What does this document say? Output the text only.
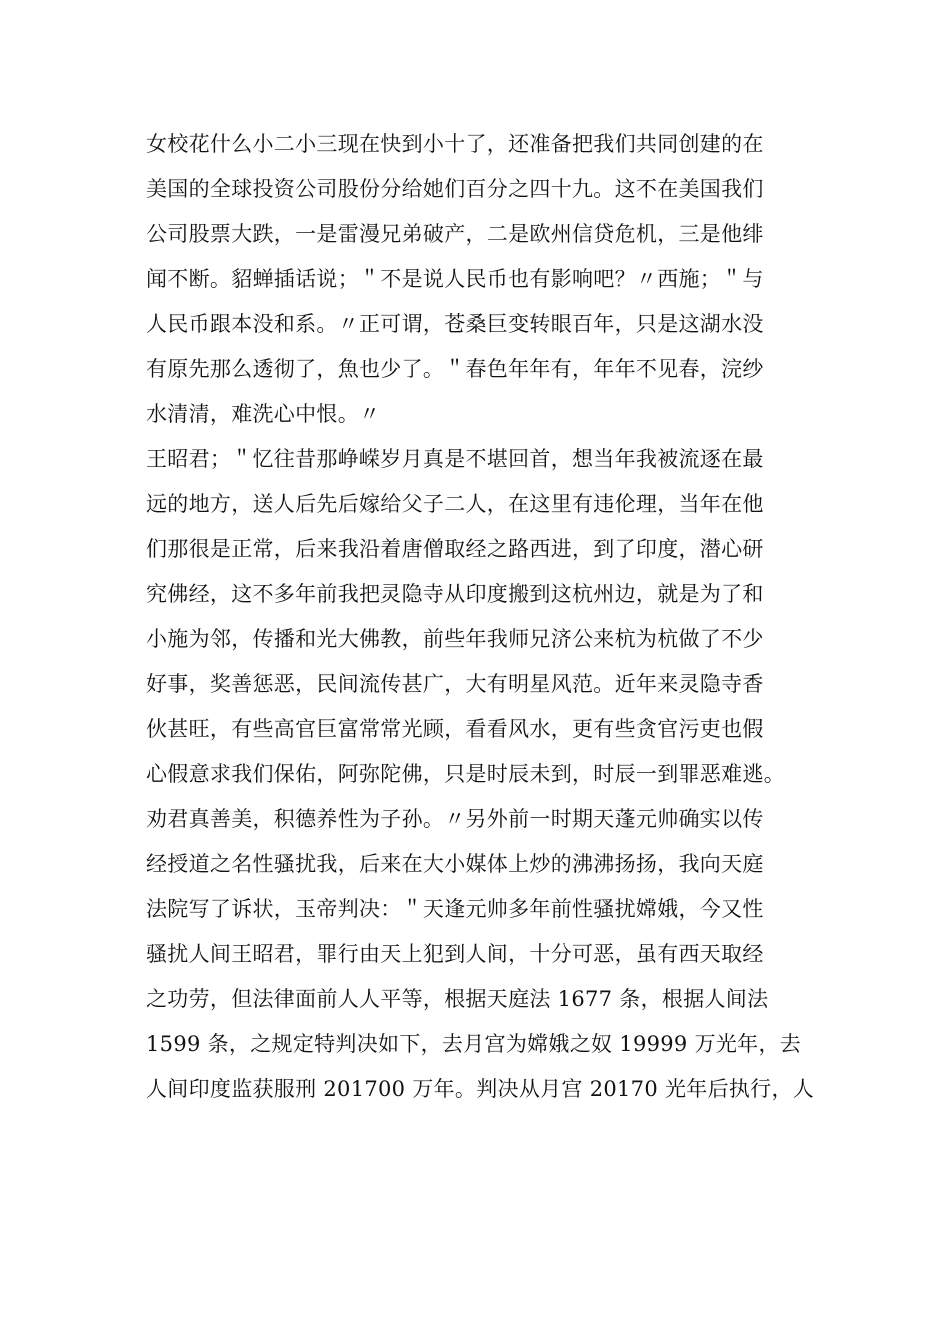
女校花什么小二小三现在快到小十了，还准备把我们共同创建的在
美国的全球投资公司股份分给她们百分之四十九。这不在美国我们
公司股票大跌，一是雷漫兄弟破产，二是欧州信贷危机，三是他绯
闻不断。貂蝉插话说；＂不是说人民币也有影响吧？〃西施；＂与
人民币跟本没和系。〃正可谓，苍桑巨变转眼百年，只是这湖水没
有原先那么透彻了，魚也少了。＂春色年年有，年年不见春，浣纱
水清清，难洗心中恨。〃
王昭君；＂忆往昔那峥嵘岁月真是不堪回首，想当年我被流逐在最
远的地方，送人后先后嫁给父子二人，在这里有违伦理，当年在他
们那很是正常，后来我沿着唐僧取经之路西进，到了印度，潜心研
究佛经，这不多年前我把灵隐寺从印度搬到这杭州边，就是为了和
小施为邻，传播和光大佛教，前些年我师兄济公来杭为杭做了不少
好事，奖善惩恶，民间流传甚广，大有明星风范。近年来灵隐寺香
伙甚旺，有些高官巨富常常光顾，看看风水，更有些贪官污吏也假
心假意求我们保佑，阿弥陀佛，只是时辰未到，时辰一到罪恶难逃。
劝君真善美，积德养性为子孙。〃另外前一时期天蓬元帅确实以传
经授道之名性骚扰我，后来在大小媒体上炒的沸沸扬扬，我向天庭
法院写了诉状，玉帝判决：＂天逢元帅多年前性骚扰嫦娥，今又性
骚扰人间王昭君，罪行由天上犯到人间，十分可恶，虽有西天取经
之功劳，但法律面前人人平等，根据天庭法 1677 条，根据人间法
1599 条，之规定特判决如下，去月宫为嫦娥之奴 19999 万光年，去
人间印度监获服刑 201700 万年。判决从月宫 20170 光年后执行，人
